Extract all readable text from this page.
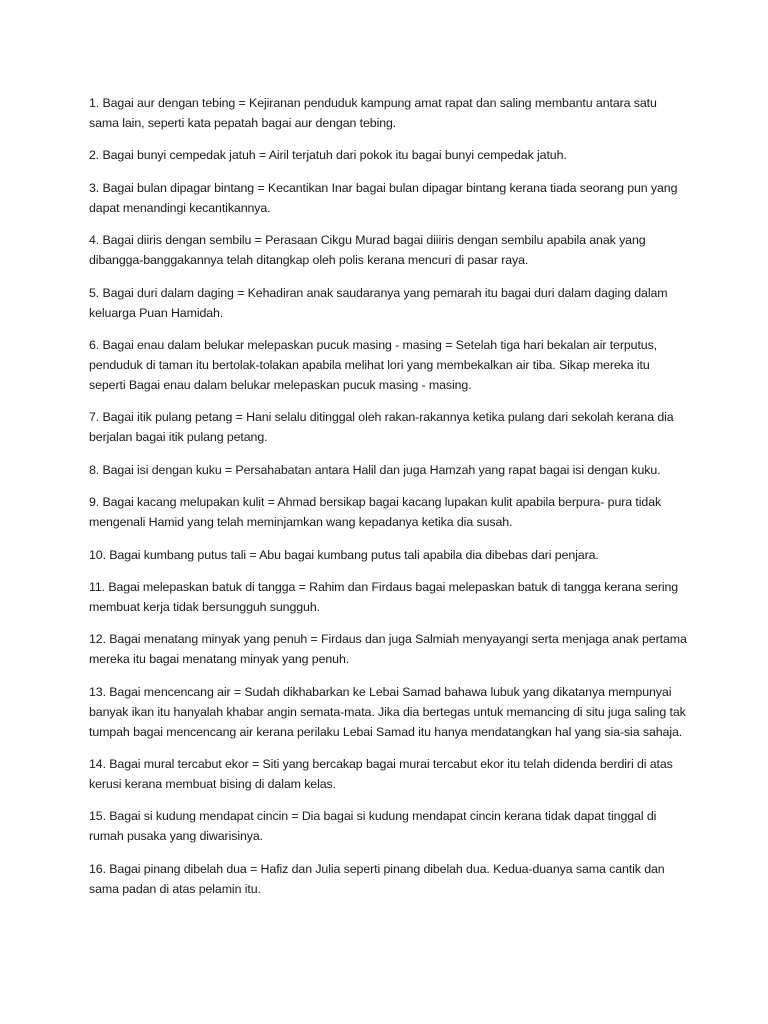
1. Bagai aur dengan tebing = Kejiranan penduduk kampung amat rapat dan saling membantu antara satu sama lain, seperti kata pepatah bagai aur dengan tebing.

2. Bagai bunyi cempedak jatuh = Airil terjatuh dari pokok itu bagai bunyi cempedak jatuh.

3. Bagai bulan dipagar bintang = Kecantikan Inar bagai bulan dipagar bintang kerana tiada seorang pun yang dapat menandingi kecantikannya.

4. Bagai diiris dengan sembilu = Perasaan Cikgu Murad bagai diiiris dengan sembilu apabila anak yang dibangga-banggakannya telah ditangkap oleh polis kerana mencuri di pasar raya.

5. Bagai duri dalam daging = Kehadiran anak saudaranya yang pemarah itu bagai duri dalam daging dalam keluarga Puan Hamidah.

6. Bagai enau dalam belukar melepaskan pucuk masing - masing = Setelah tiga hari bekalan air terputus, penduduk di taman itu bertolak-tolakan apabila melihat lori yang membekalkan air tiba. Sikap mereka itu seperti Bagai enau dalam belukar melepaskan pucuk masing - masing.

7. Bagai itik pulang petang = Hani selalu ditinggal oleh rakan-rakannya ketika pulang dari sekolah kerana dia berjalan bagai itik pulang petang.

8. Bagai isi dengan kuku = Persahabatan antara Halil dan juga Hamzah yang rapat bagai isi dengan kuku.

9. Bagai kacang melupakan kulit = Ahmad bersikap bagai kacang lupakan kulit apabila berpura- pura tidak mengenali Hamid yang telah meminjamkan wang kepadanya ketika dia susah.

10. Bagai kumbang putus tali = Abu bagai kumbang putus tali apabila dia dibebas dari penjara.

11. Bagai melepaskan batuk di tangga = Rahim dan Firdaus bagai melepaskan batuk di tangga kerana sering membuat kerja tidak bersungguh sungguh.

12. Bagai menatang minyak yang penuh = Firdaus dan juga Salmiah menyayangi serta menjaga anak pertama mereka itu bagai menatang minyak yang penuh.

13. Bagai mencencang air = Sudah dikhabarkan ke Lebai Samad bahawa lubuk yang dikatanya mempunyai banyak ikan itu hanyalah khabar angin semata-mata. Jika dia bertegas untuk memancing di situ juga saling tak tumpah bagai mencencang air kerana perilaku Lebai Samad itu hanya mendatangkan hal yang sia-sia sahaja.

14. Bagai mural tercabut ekor = Siti yang bercakap bagai murai tercabut ekor itu telah didenda berdiri di atas kerusi kerana membuat bising di dalam kelas.

15. Bagai si kudung mendapat cincin = Dia bagai si kudung mendapat cincin kerana tidak dapat tinggal di rumah pusaka yang diwarisinya.

16. Bagai pinang dibelah dua = Hafiz dan Julia seperti pinang dibelah dua. Kedua-duanya sama cantik dan sama padan di atas pelamin itu.
